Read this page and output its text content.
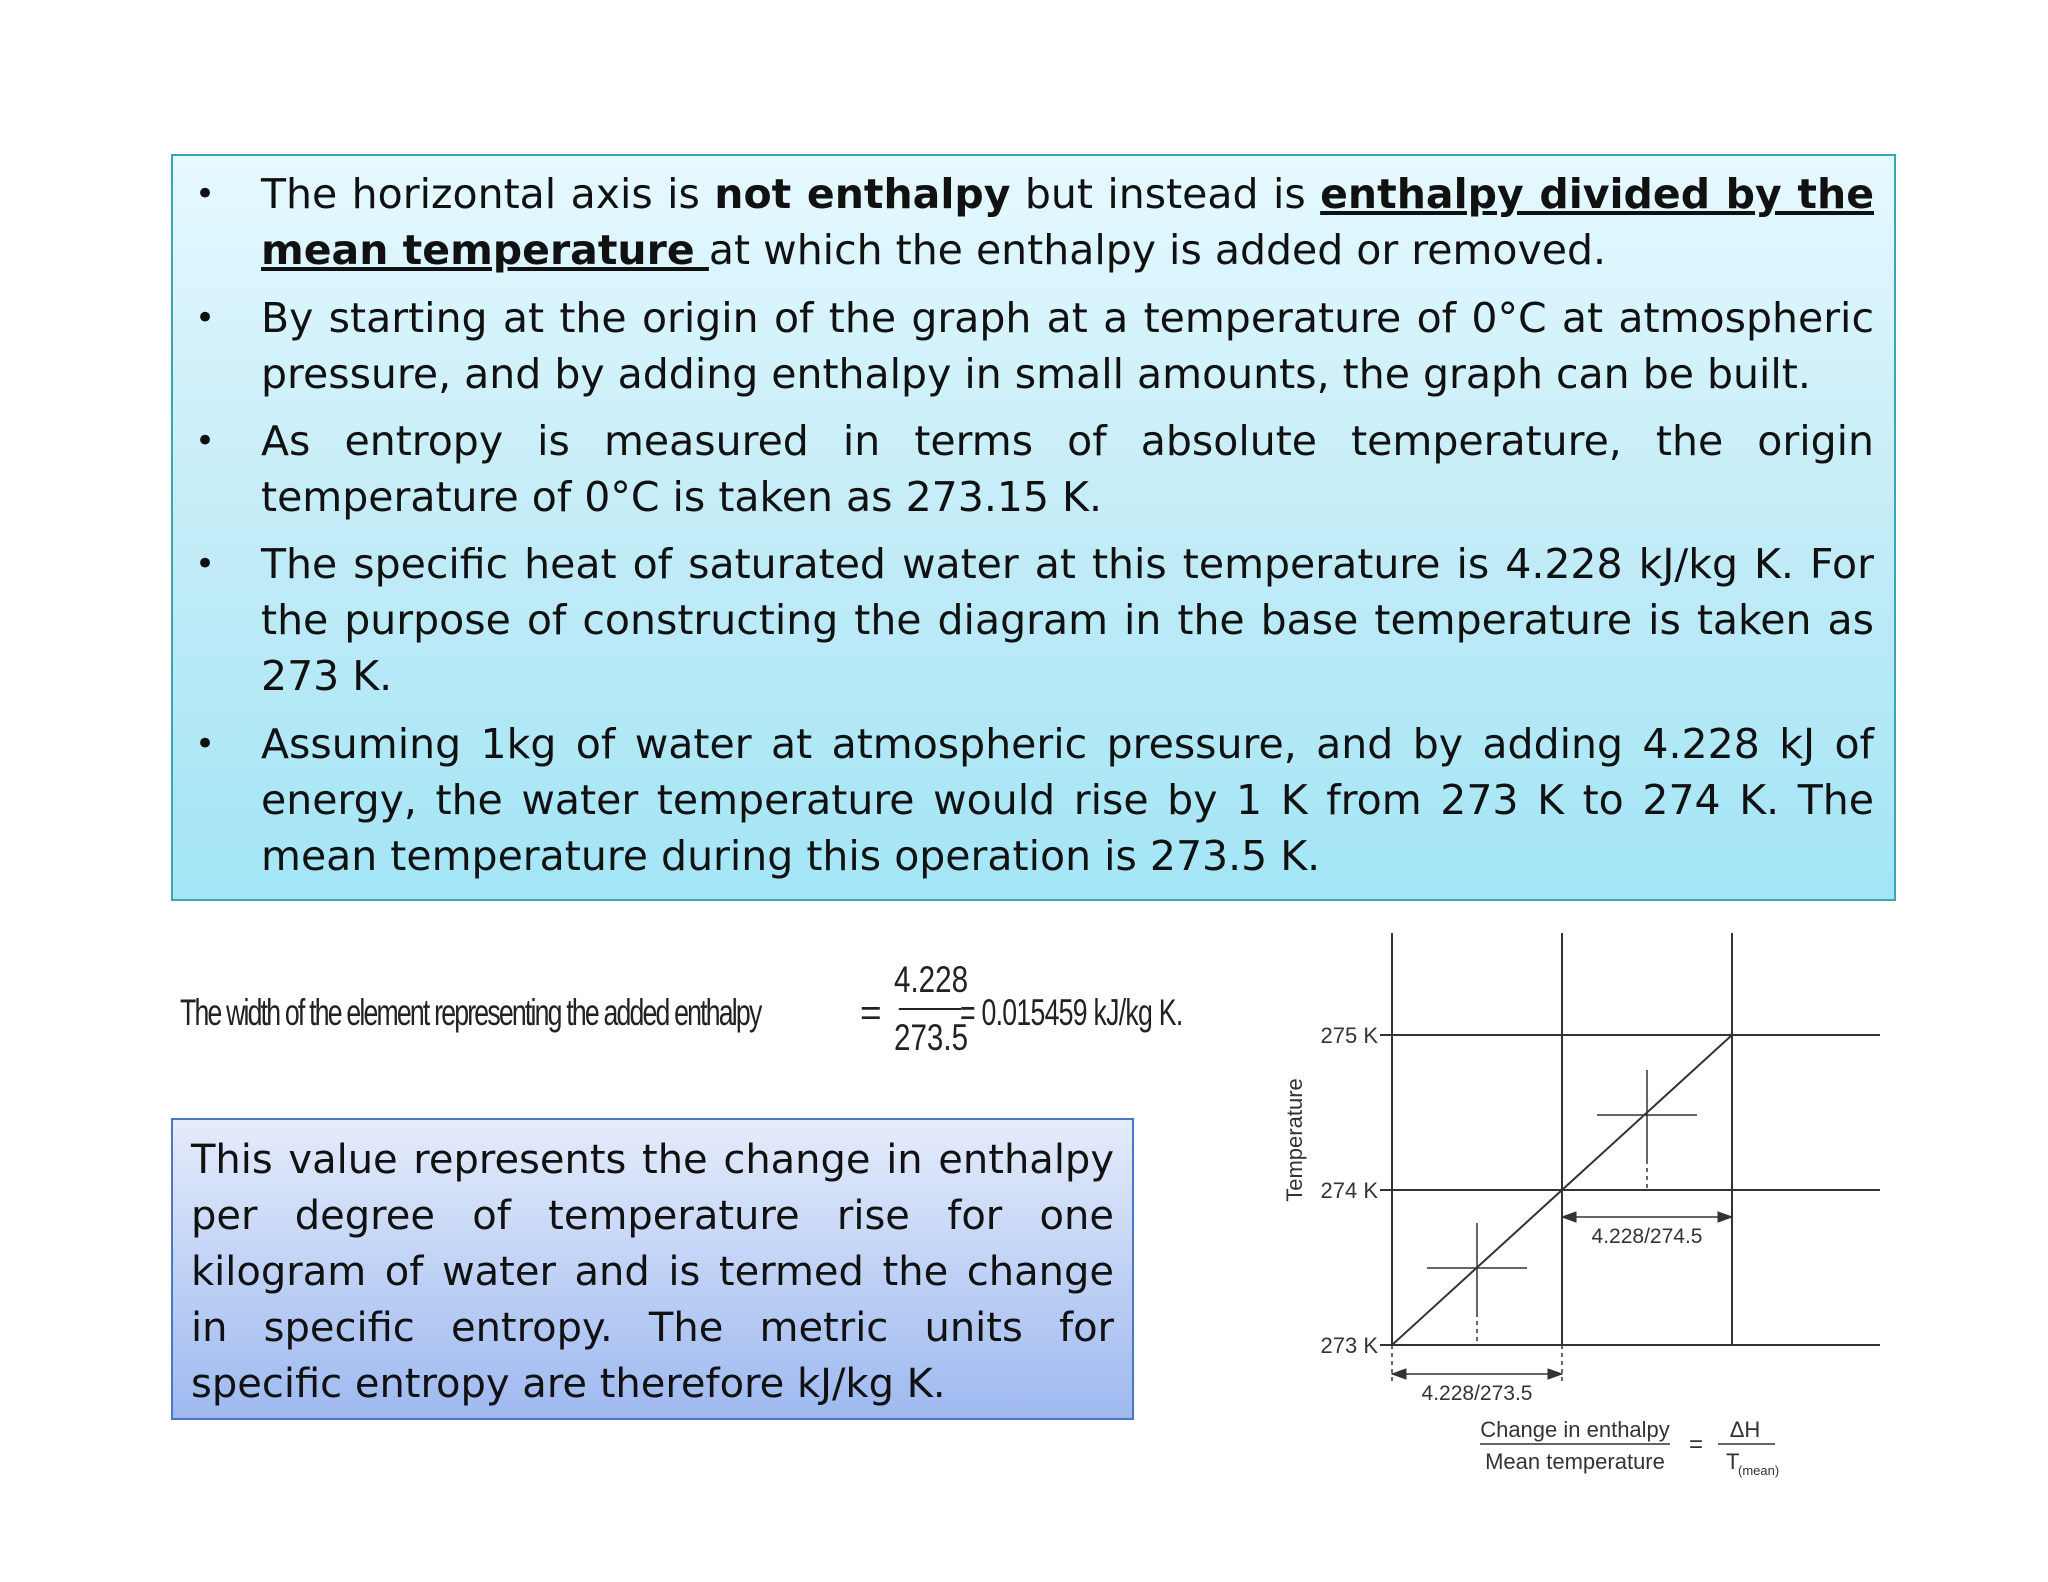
• The horizontal axis is not enthalpy but instead is enthalpy divided by the mean temperature at which the enthalpy is added or removed.
• By starting at the origin of the graph at a temperature of 0°C at atmospheric pressure, and by adding enthalpy in small amounts, the graph can be built.
• As entropy is measured in terms of absolute temperature, the origin temperature of 0°C is taken as 273.15 K.
• The specific heat of saturated water at this temperature is 4.228 kJ/kg K. For the purpose of constructing the diagram in the base temperature is taken as 273 K.
• Assuming 1kg of water at atmospheric pressure, and by adding 4.228 kJ of energy, the water temperature would rise by 1 K from 273 K to 274 K. The mean temperature during this operation is 273.5 K.
The width of the element representing the added enthalpy	=
4.228
273.5
= 0.015459 kJ/kg K.
This value represents the change in enthalpy per degree of temperature rise for one kilogram of water and is termed the change in specific entropy. The metric units for specific entropy are therefore kJ/kg K.
275 K
274 K
273 K
Temperature
4.228/274.5
4.228/273.5
Change in enthalpy
Mean temperature
=
ΔH
T
(mean)
